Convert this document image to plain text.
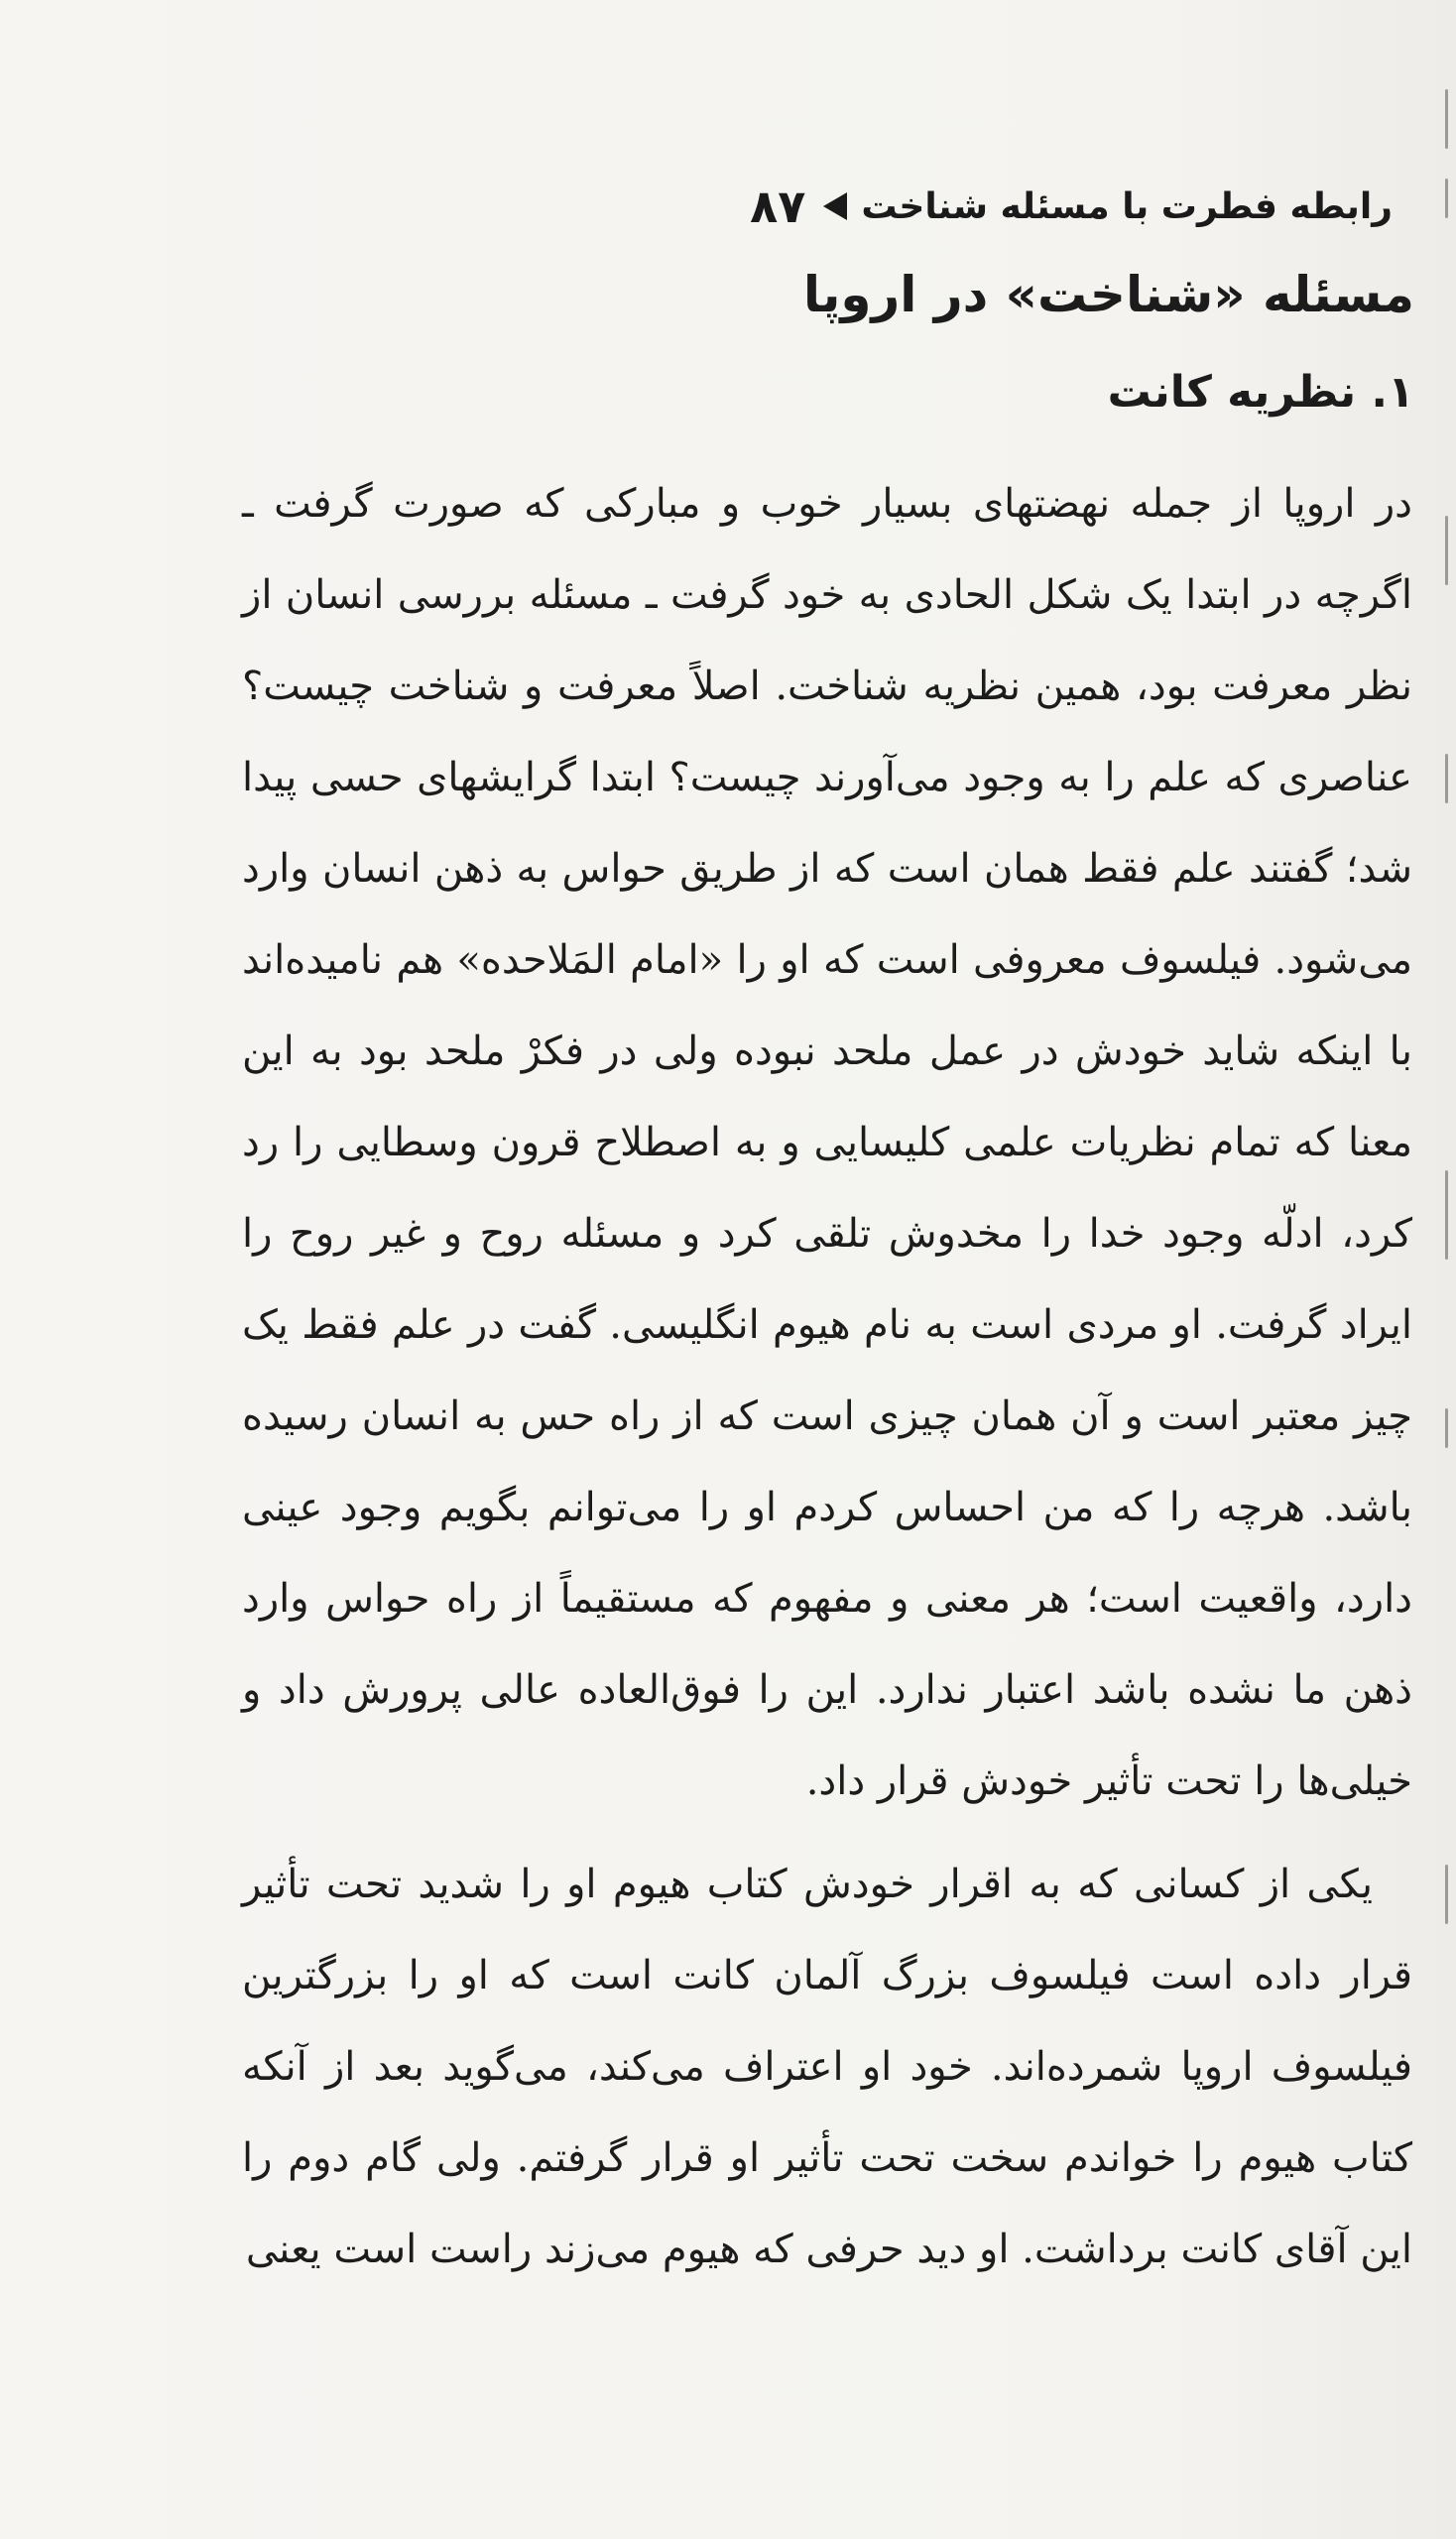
رابطه فطرت با مسئله شناخت
۸۷
مسئله «شناخت» در اروپا
۱. نظریه کانت

در اروپا از جمله نهضتهای بسیار خوب و مبارکی که صورت گرفت ـ اگرچه در ابتدا یک شکل الحادی به خود گرفت ـ مسئله بررسی انسان از نظر معرفت بود، همین نظریه شناخت. اصلاً معرفت و شناخت چیست؟ عناصری که علم را به وجود می‌آورند چیست؟ ابتدا گرایشهای حسی پیدا شد؛ گفتند علم فقط همان است که از طریق حواس به ذهن انسان وارد می‌شود. فیلسوف معروفی است که او را «امام المَلاحده» هم نامیده‌اند با اینکه شاید خودش در عمل ملحد نبوده ولی در فکرْ ملحد بود به این معنا که تمام نظریات علمی کلیسایی و به اصطلاح قرون وسطایی را رد کرد، ادلّه وجود خدا را مخدوش تلقی کرد و مسئله روح و غیر روح را ایراد گرفت. او مردی است به نام هیوم انگلیسی. گفت در علم فقط یک چیز معتبر است و آن همان چیزی است که از راه حس به انسان رسیده باشد. هرچه را که من احساس کردم او را می‌توانم بگویم وجود عینی دارد، واقعیت است؛ هر معنی و مفهوم که مستقیماً از راه حواس وارد ذهن ما نشده باشد اعتبار ندارد. این را فوق‌العاده عالی پرورش داد و خیلی‌ها را تحت تأثیر خودش قرار داد.

یکی از کسانی که به اقرار خودش کتاب هیوم او را شدید تحت تأثیر قرار داده است فیلسوف بزرگ آلمان کانت است که او را بزرگترین فیلسوف اروپا شمرده‌اند. خود او اعتراف می‌کند، می‌گوید بعد از آنکه کتاب هیوم را خواندم سخت تحت تأثیر او قرار گرفتم. ولی گام دوم را این آقای کانت برداشت. او دید حرفی که هیوم می‌زند راست است یعنی
